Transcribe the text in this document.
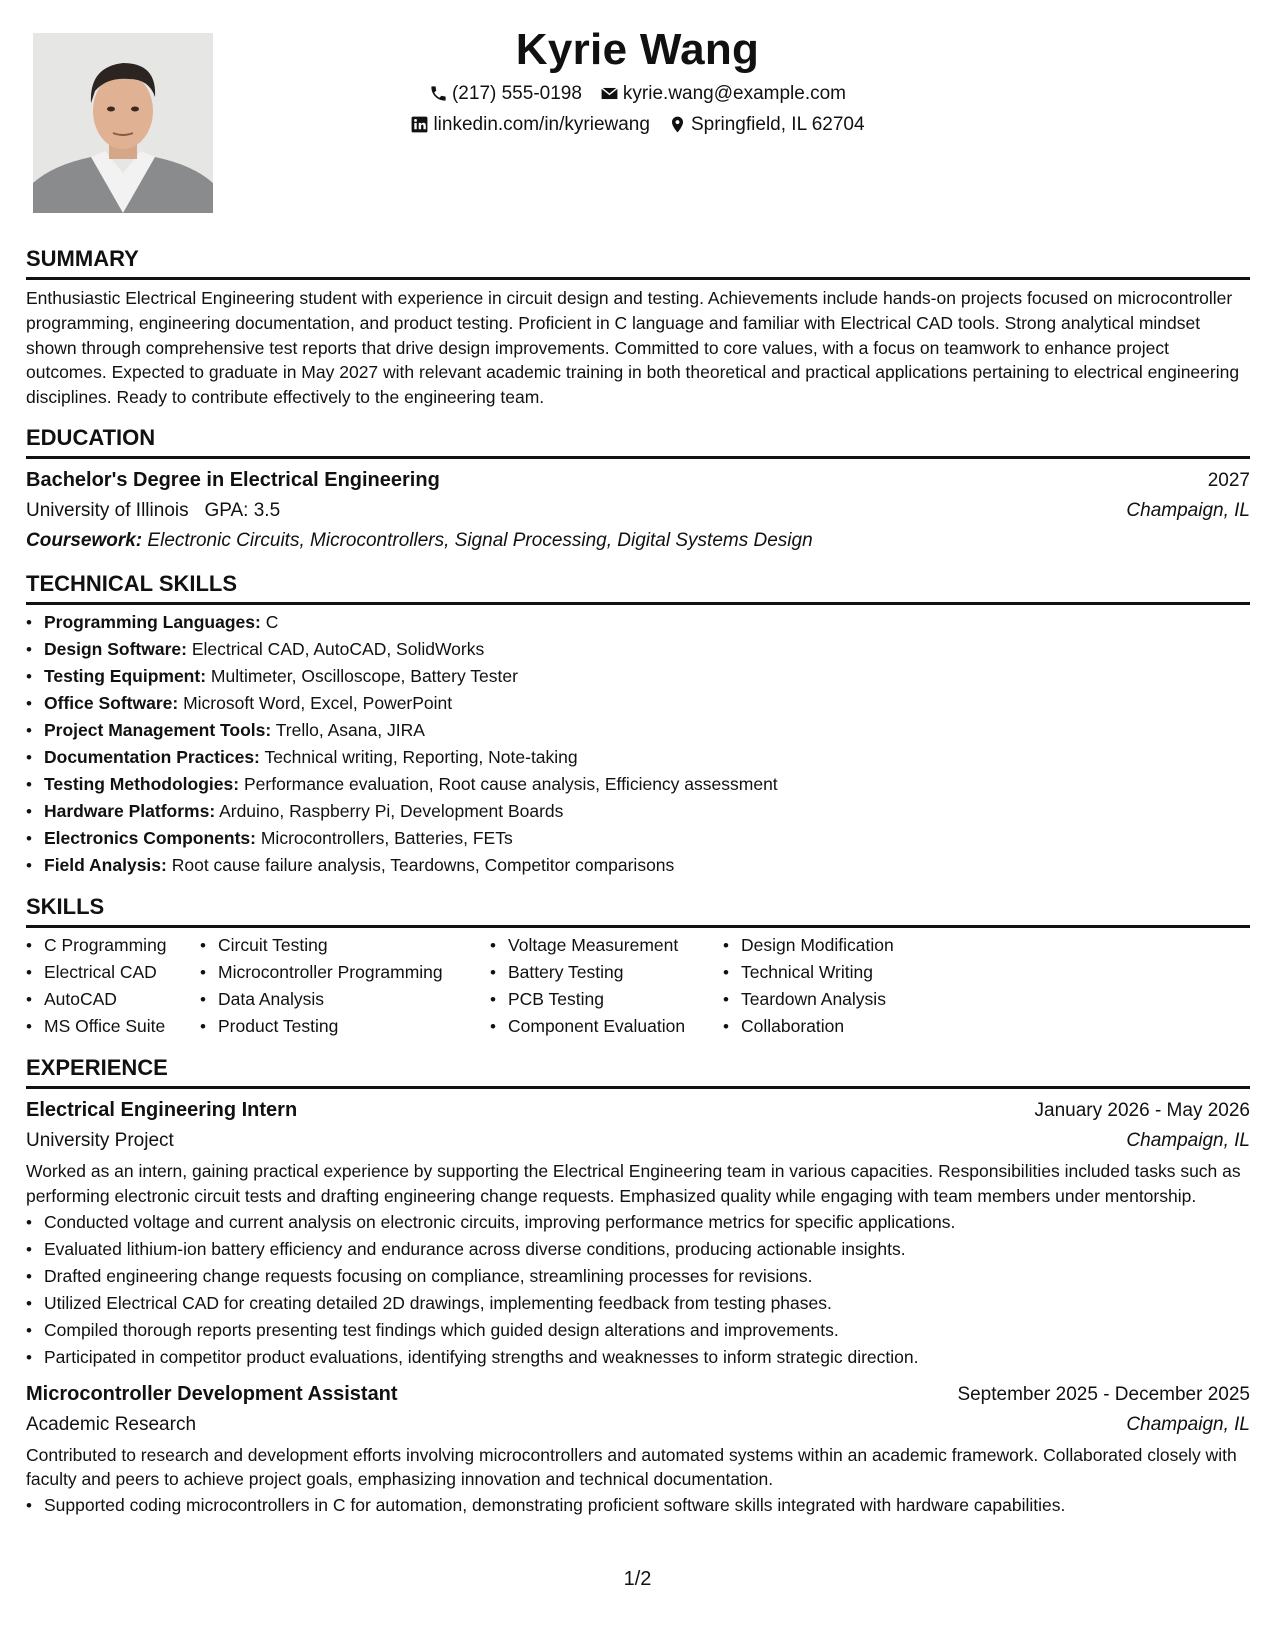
Kyrie Wang
(217) 555-0198 kyrie.wang@example.com
linkedin.com/in/kyriewang Springfield, IL 62704
SUMMARY

Enthusiastic Electrical Engineering student with experience in circuit design and testing. Achievements include hands-on projects focused on microcontroller programming, engineering documentation, and product testing. Proficient in C language and familiar with Electrical CAD tools. Strong analytical mindset shown through comprehensive test reports that drive design improvements. Committed to core values, with a focus on teamwork to enhance project outcomes. Expected to graduate in May 2027 with relevant academic training in both theoretical and practical applications pertaining to electrical engineering disciplines. Ready to contribute effectively to the engineering team.

EDUCATION
Bachelor's Degree in Electrical Engineering	2027
University of Illinois GPA: 3.5	Champaign, IL
Coursework: Electronic Circuits, Microcontrollers, Signal Processing, Digital Systems Design
TECHNICAL SKILLS
• Programming Languages: C
• Design Software: Electrical CAD, AutoCAD, SolidWorks
• Testing Equipment: Multimeter, Oscilloscope, Battery Tester
• Office Software: Microsoft Word, Excel, PowerPoint
• Project Management Tools: Trello, Asana, JIRA
• Documentation Practices: Technical writing, Reporting, Note-taking
• Testing Methodologies: Performance evaluation, Root cause analysis, Efficiency assessment
• Hardware Platforms: Arduino, Raspberry Pi, Development Boards
• Electronics Components: Microcontrollers, Batteries, FETs
• Field Analysis: Root cause failure analysis, Teardowns, Competitor comparisons
SKILLS
• C Programming
• Electrical CAD
• AutoCAD
• MS Office Suite
• Circuit Testing
• Microcontroller Programming
• Data Analysis
• Product Testing
• Voltage Measurement
• Battery Testing
• PCB Testing
• Component Evaluation
• Design Modification
• Technical Writing
• Teardown Analysis
• Collaboration
EXPERIENCE
Electrical Engineering Intern	January 2026 - May 2026
University Project	Champaign, IL

Worked as an intern, gaining practical experience by supporting the Electrical Engineering team in various capacities. Responsibilities included tasks such as performing electronic circuit tests and drafting engineering change requests. Emphasized quality while engaging with team members under mentorship.

• Conducted voltage and current analysis on electronic circuits, improving performance metrics for specific applications.
• Evaluated lithium-ion battery efficiency and endurance across diverse conditions, producing actionable insights.
• Drafted engineering change requests focusing on compliance, streamlining processes for revisions.
• Utilized Electrical CAD for creating detailed 2D drawings, implementing feedback from testing phases.
• Compiled thorough reports presenting test findings which guided design alterations and improvements.
• Participated in competitor product evaluations, identifying strengths and weaknesses to inform strategic direction.
Microcontroller Development Assistant	September 2025 - December 2025
Academic Research	Champaign, IL

Contributed to research and development efforts involving microcontrollers and automated systems within an academic framework. Collaborated closely with faculty and peers to achieve project goals, emphasizing innovation and technical documentation.

• Supported coding microcontrollers in C for automation, demonstrating proficient software skills integrated with hardware capabilities.
1/2
